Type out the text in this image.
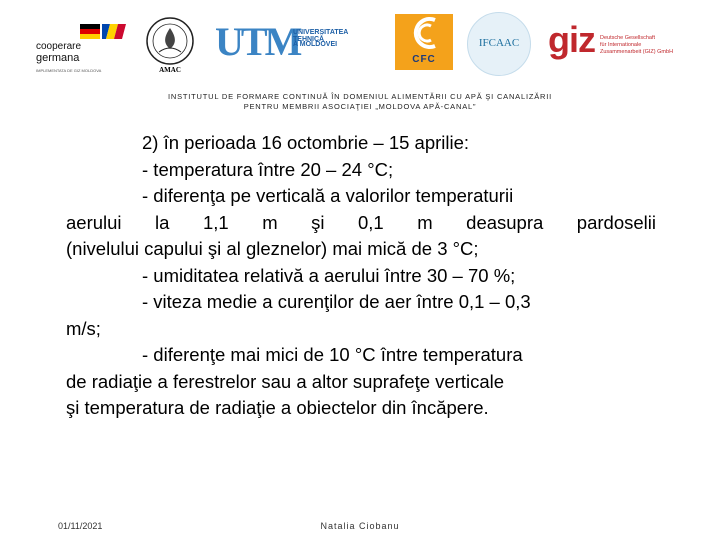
cooperare
germana
IMPLEMENTATA DE GIZ MOLDOVA	AMAC
UTM
UNIVERSITATEA TEHNICĂ
A MOLDOVEI
CFC
IFCAAC giz Deutsche Gesellschaft
für Internationale
Zusammenarbeit (GIZ) GmbH
INSTITUTUL DE FORMARE CONTINUĂ ÎN DOMENIUL ALIMENTĂRII CU APĂ ŞI CANALIZĂRII
PENTRU MEMBRII ASOCIAŢIEI „MOLDOVA APĂ-CANAL”
2) în perioada 16 octombrie – 15 aprilie:
- temperatura între 20 – 24 °C;
- diferenţa pe verticală a valorilor temperaturii
aerului la 1,1 m şi 0,1 m deasupra pardoselii
(nivelului capului şi al gleznelor) mai mică de 3 °C;
- umiditatea relativă a aerului între 30 – 70 %;
- viteza medie a curenţilor de aer între 0,1 – 0,3
m/s;
- diferenţe mai mici de 10 °C între temperatura
de radiaţie a ferestrelor sau a altor suprafeţe verticale
şi temperatura de radiaţie a obiectelor din încăpere.
01/11/2021	Natalia Ciobanu
